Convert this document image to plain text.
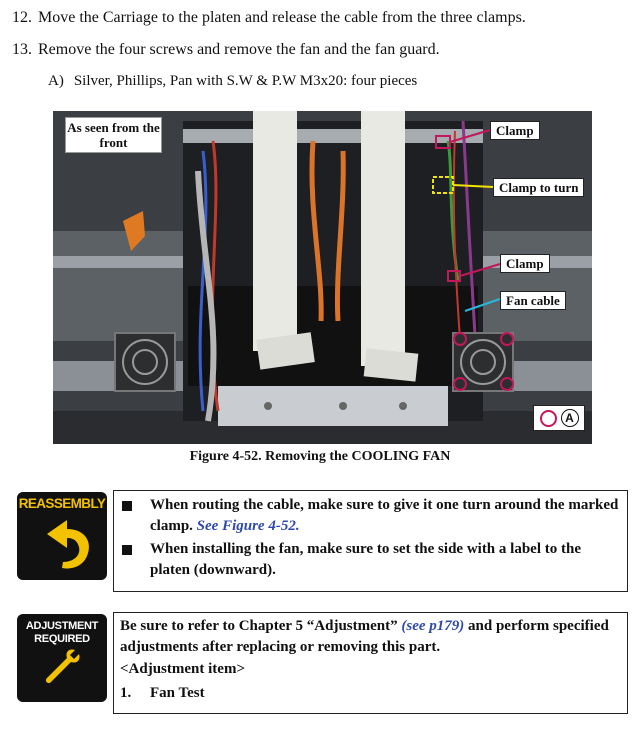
12. Move the Carriage to the platen and release the cable from the three clamps.
13. Remove the four screws and remove the fan and the fan guard.
A) Silver, Phillips, Pan with S.W & P.W M3x20: four pieces
As seen from the front
Clamp
Clamp to turn
Clamp
Fan cable
A
Figure 4-52. Removing the COOLING FAN
REASSEMBLY	When routing the cable, make sure to give it one turn around the marked clamp. See Figure 4-52.
When installing the fan, make sure to set the side with a label to the platen (downward).
ADJUSTMENT
REQUIRED
Be sure to refer to Chapter 5 “Adjustment” (see p179) and perform specified adjustments after replacing or removing this part.
<Adjustment item>
1. Fan Test
